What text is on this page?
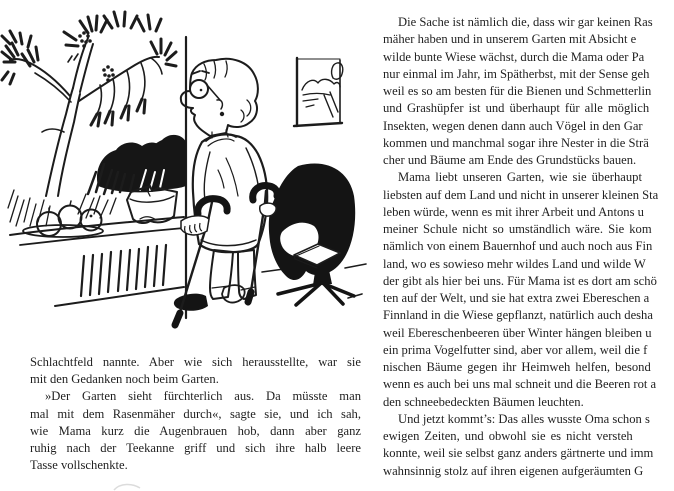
Schlachtfeld nannte. Aber wie sich herausstellte, war sie
mit den Gedanken noch beim Garten.
»Der Garten sieht fürchterlich aus. Da müsste man
mal mit dem Rasenmäher durch«, sagte sie, und ich sah,
wie Mama kurz die Augenbrauen hob, dann aber ganz
ruhig nach der Teekanne griff und sich ihre halb leere
Tasse vollschenkte.
Die Sache ist nämlich die, dass wir gar keinen Ras
mäher haben und in unserem Garten mit Absicht e
wilde bunte Wiese wächst, durch die Mama oder Pa
nur einmal im Jahr, im Spätherbst, mit der Sense geh
weil es so am besten für die Bienen und Schmetterlin
und Grashüpfer ist und überhaupt für alle möglich
Insekten, wegen denen dann auch Vögel in den Gar
kommen und manchmal sogar ihre Nester in die Strä
cher und Bäume am Ende des Grundstücks bauen.
Mama liebt unseren Garten, wie sie überhaupt
liebsten auf dem Land und nicht in unserer kleinen Sta
leben würde, wenn es mit ihrer Arbeit und Antons u
meiner Schule nicht so umständlich wäre. Sie kom
nämlich von einem Bauernhof und auch noch aus Fin
land, wo es sowieso mehr wildes Land und wilde W
der gibt als hier bei uns. Für Mama ist es dort am schö
ten auf der Welt, und sie hat extra zwei Ebereschen a
Finnland in die Wiese gepflanzt, natürlich auch desha
weil Ebereschenbeeren über Winter hängen bleiben u
ein prima Vogelfutter sind, aber vor allem, weil die f
nischen Bäume gegen ihr Heimweh helfen, besond
wenn es auch bei uns mal schneit und die Beeren rot a
den schneebedeckten Bäumen leuchten.
Und jetzt kommt’s: Das alles wusste Oma schon s
ewigen Zeiten, und obwohl sie es nicht versteh
konnte, weil sie selbst ganz anders gärtnerte und imm
wahnsinnig stolz auf ihren eigenen aufgeräumten G
